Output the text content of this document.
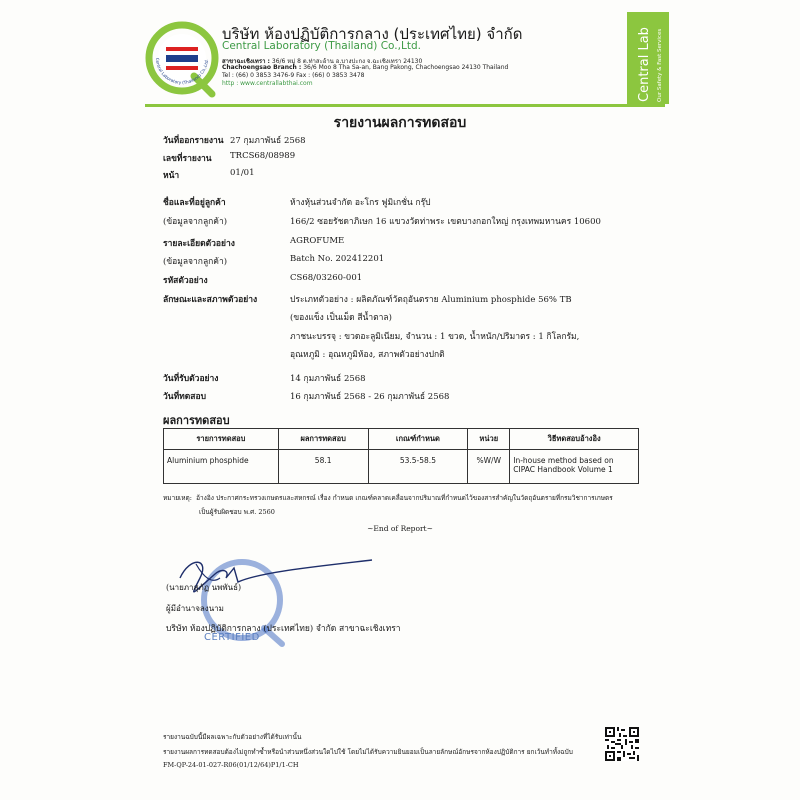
Central Laboratory (Thailand) Co.,Ltd.
บริษัท ห้องปฏิบัติการกลาง (ประเทศไทย) จำกัด
Central Laboratory (Thailand) Co.,Ltd.
สาขาฉะเชิงเทรา : 36/6 หมู่ 8 ต.ท่าสะอ้าน อ.บางปะกง จ.ฉะเชิงเทรา 24130
Chachoengsao Branch : 36/6 Moo 8 Tha Sa-an, Bang Pakong, Chachoengsao 24130 Thailand
Tel : (66) 0 3853 3476-9 Fax : (66) 0 3853 3478
http : www.centrallabthai.com	Central Lab Our Safety & Fast Services
รายงานผลการทดสอบ
วันที่ออกรายงาน 27 กุมภาพันธ์ 2568
เลขที่รายงาน TRCS68/08989
หน้า	01/01
ชื่อและที่อยู่ลูกค้า	ห้างหุ้นส่วนจำกัด อะโกร ฟูมิเกชั่น กรุ๊ป
(ข้อมูลจากลูกค้า)	166/2 ซอยรัชดาภิเษก 16 แขวงวัดท่าพระ เขตบางกอกใหญ่ กรุงเทพมหานคร 10600
รายละเอียดตัวอย่าง	AGROFUME
(ข้อมูลจากลูกค้า)	Batch No. 202412201
รหัสตัวอย่าง	CS68/03260-001
ลักษณะและสภาพตัวอย่าง	ประเภทตัวอย่าง : ผลิตภัณฑ์วัตถุอันตราย Aluminium phosphide 56% TB
(ของแข็ง เป็นเม็ด สีน้ำตาล)
ภาชนะบรรจุ : ขวดอะลูมิเนียม, จำนวน : 1 ขวด, น้ำหนัก/ปริมาตร : 1 กิโลกรัม,
อุณหภูมิ : อุณหภูมิห้อง, สภาพตัวอย่างปกติ
วันที่รับตัวอย่าง	14 กุมภาพันธ์ 2568
วันที่ทดสอบ	16 กุมภาพันธ์ 2568 - 26 กุมภาพันธ์ 2568
ผลการทดสอบ
รายการทดสอบ	ผลการทดสอบ	เกณฑ์กำหนด	หน่วย	วิธีทดสอบอ้างอิง
Aluminium phosphide	58.1	53.5-58.5	%W/W	In-house method based on CIPAC Handbook Volume 1
หมายเหตุ: อ้างอิง ประกาศกระทรวงเกษตรและสหกรณ์ เรื่อง กำหนด เกณฑ์คลาดเคลื่อนจากปริมาณที่กำหนดไว้ของสารสำคัญในวัตถุอันตรายที่กรมวิชาการเกษตร
เป็นผู้รับผิดชอบ พ.ศ. 2560
~End of Report~
(นายภาสุภัฏ นพพันธ์)
ผู้มีอำนาจลงนาม
บริษัท ห้องปฏิบัติการกลาง (ประเทศไทย) จำกัด สาขาฉะเชิงเทรา
CERTIFIED
รายงานฉบับนี้มีผลเฉพาะกับตัวอย่างที่ได้รับเท่านั้น
รายงานผลการทดสอบต้องไม่ถูกทำซ้ำหรือนำส่วนหนึ่งส่วนใดไปใช้ โดยไม่ได้รับความยินยอมเป็นลายลักษณ์อักษรจากห้องปฏิบัติการ ยกเว้นทำทั้งฉบับ
FM-QP-24-01-027-R06(01/12/64)P1/1-CH
